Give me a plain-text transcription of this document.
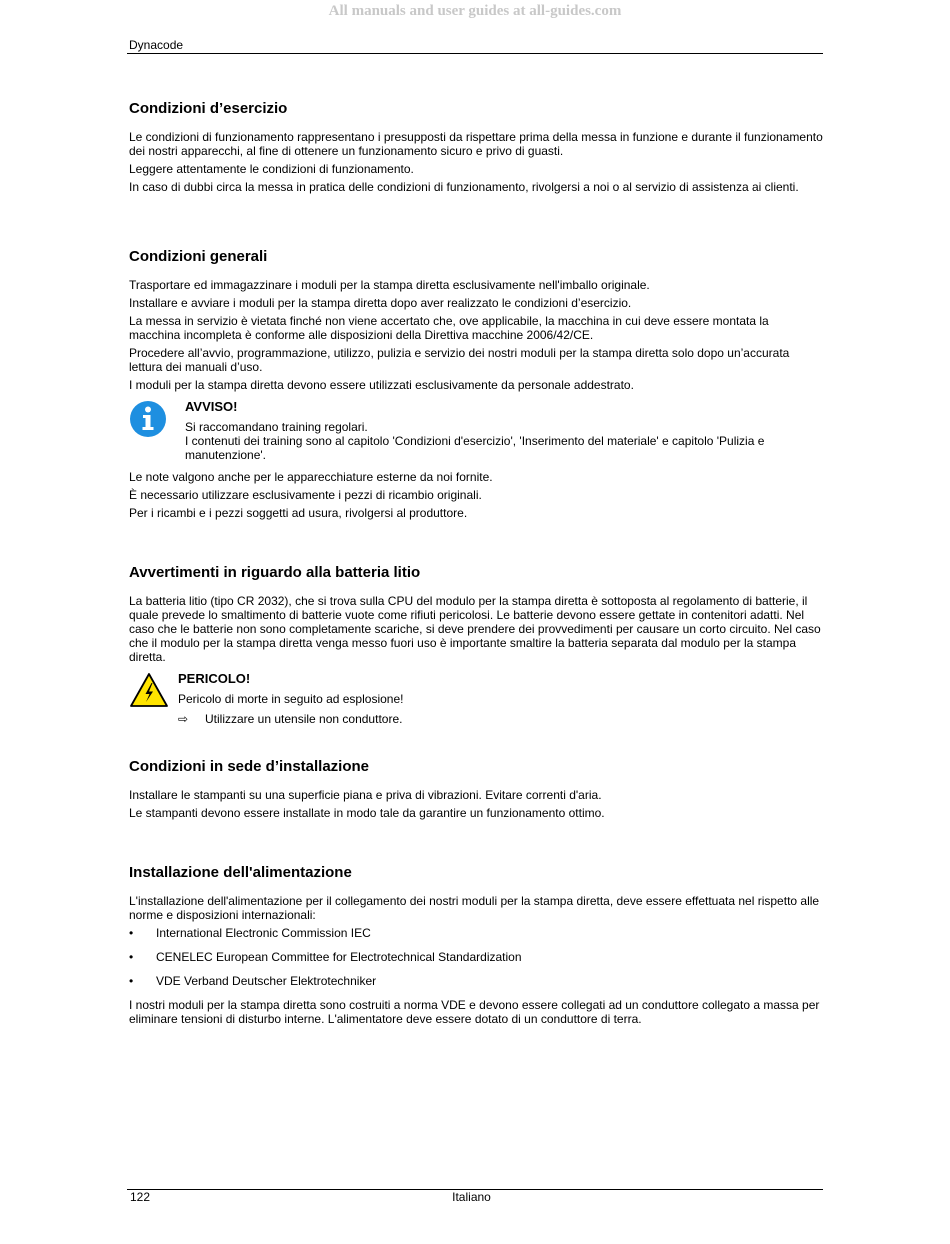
All manuals and user guides at all-guides.com
Dynacode
Condizioni d’esercizio

Le condizioni di funzionamento rappresentano i presupposti da rispettare prima della messa in funzione e durante il funzionamento dei nostri apparecchi, al fine di ottenere un funzionamento sicuro e privo di guasti.

Leggere attentamente le condizioni di funzionamento.

In caso di dubbi circa la messa in pratica delle condizioni di funzionamento, rivolgersi a noi o al servizio di assistenza ai clienti.

Condizioni generali

Trasportare ed immagazzinare i moduli per la stampa diretta esclusivamente nell'imballo originale.

Installare e avviare i moduli per la stampa diretta dopo aver realizzato le condizioni d’esercizio.

La messa in servizio è vietata finché non viene accertato che, ove applicabile, la macchina in cui deve essere montata la macchina incompleta è conforme alle disposizioni della Direttiva macchine 2006/42/CE.

Procedere all’avvio, programmazione, utilizzo, pulizia e servizio dei nostri moduli per la stampa diretta solo dopo un’accurata lettura dei manuali d’uso.

I moduli per la stampa diretta devono essere utilizzati esclusivamente da personale addestrato.

AVVISO!
Si raccomandano training regolari.
I contenuti dei training sono al capitolo 'Condizioni d'esercizio', 'Inserimento del materiale' e capitolo 'Pulizia e manutenzione'.

Le note valgono anche per le apparecchiature esterne da noi fornite.

È necessario utilizzare esclusivamente i pezzi di ricambio originali.

Per i ricambi e i pezzi soggetti ad usura, rivolgersi al produttore.

Avvertimenti in riguardo alla batteria litio

La batteria litio (tipo CR 2032), che si trova sulla CPU del modulo per la stampa diretta è sottoposta al regolamento di batterie, il quale prevede lo smaltimento di batterie vuote come rifiuti pericolosi. Le batterie devono essere gettate in contenitori adatti. Nel caso che le batterie non sono completamente scariche, si deve prendere dei provvedimenti per causare un corto circuito. Nel caso che il modulo per la stampa diretta venga messo fuori uso è importante smaltire la batteria separata dal modulo per la stampa diretta.

PERICOLO!
Pericolo di morte in seguito ad esplosione!
⇨	Utilizzare un utensile non conduttore.
Condizioni in sede d’installazione

Installare le stampanti su una superficie piana e priva di vibrazioni. Evitare correnti d'aria.

Le stampanti devono essere installate in modo tale da garantire un funzionamento ottimo.

Installazione dell'alimentazione

L'installazione dell'alimentazione per il collegamento dei nostri moduli per la stampa diretta, deve essere effettuata nel rispetto alle norme e disposizioni internazionali:

•	International Electronic Commission IEC
•	CENELEC European Committee for Electrotechnical Standardization
•	VDE Verband Deutscher Elektrotechniker

I nostri moduli per la stampa diretta sono costruiti a norma VDE e devono essere collegati ad un conduttore collegato a massa per eliminare tensioni di disturbo interne. L'alimentatore deve essere dotato di un conduttore di terra.

122	Italiano
